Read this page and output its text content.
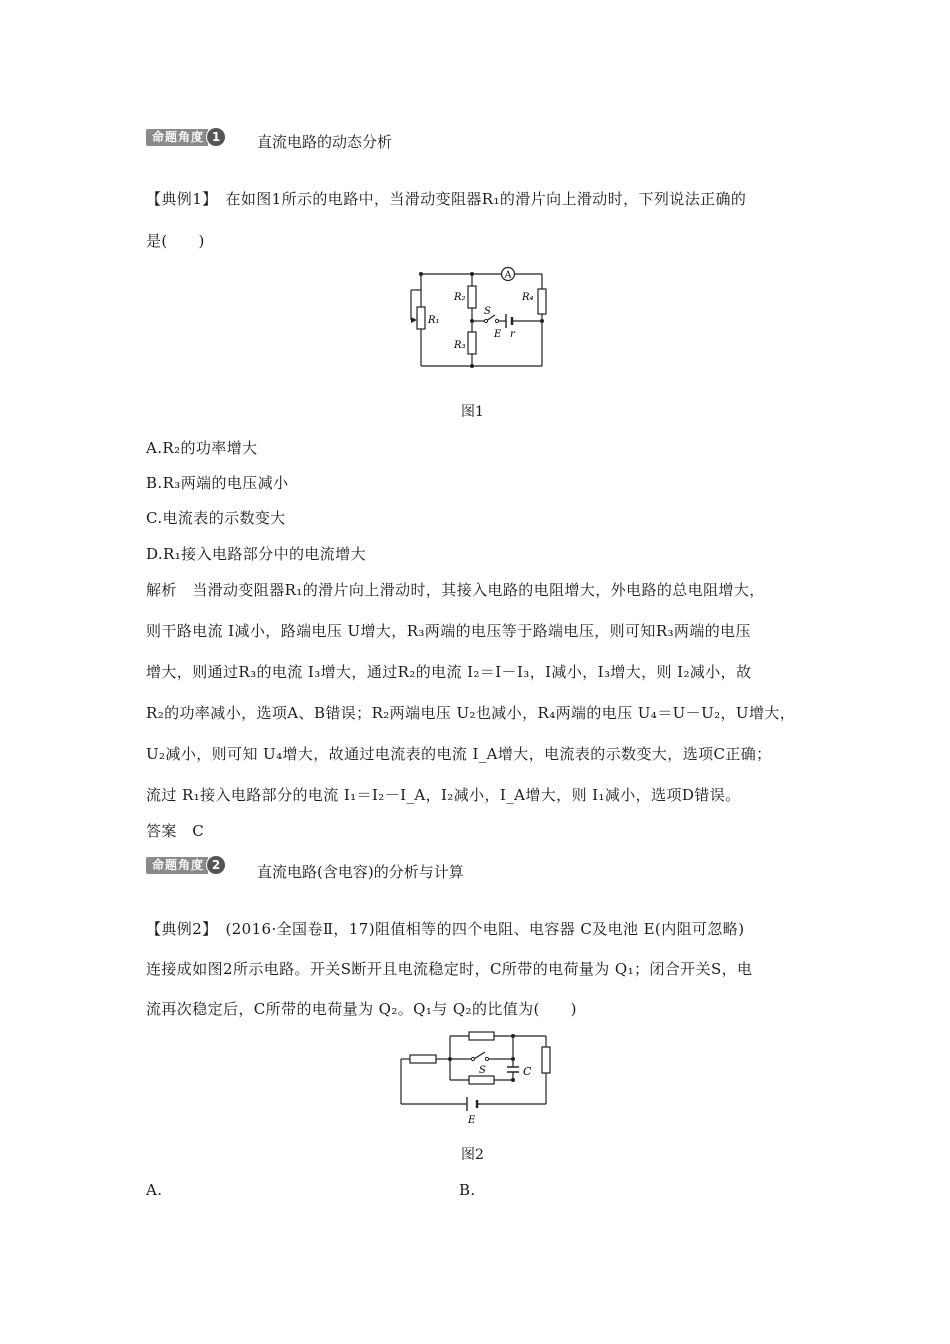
命题角度 1	直流电路的动态分析
【典例1】　在如图1所示的电路中，当滑动变阻器R₁的滑片向上滑动时，下列说法正确的
是(　　)
A
R₁
R₂
R₃
R₄
S
E r
图1
A.R₂的功率增大
B.R₃两端的电压减小
C.电流表的示数变大
D.R₁接入电路部分中的电流增大
解析　当滑动变阻器R₁的滑片向上滑动时，其接入电路的电阻增大，外电路的总电阻增大，
则干路电流 I减小，路端电压 U增大，R₃两端的电压等于路端电压，则可知R₃两端的电压
增大，则通过R₃的电流 I₃增大，通过R₂的电流 I₂＝I－I₃，I减小，I₃增大，则 I₂减小，故
R₂的功率减小，选项A、B错误；R₂两端电压 U₂也减小，R₄两端的电压 U₄＝U－U₂，U增大，
U₂减小，则可知 U₄增大，故通过电流表的电流 I_A增大，电流表的示数变大，选项C正确；
流过 R₁接入电路部分的电流 I₁＝I₂－I_A，I₂减小，I_A增大，则 I₁减小，选项D错误。
答案　C
命题角度 2	直流电路(含电容)的分析与计算
【典例2】　(2016·全国卷Ⅱ，17)阻值相等的四个电阻、电容器 C及电池 E(内阻可忽略)
连接成如图2所示电路。开关S断开且电流稳定时，C所带的电荷量为 Q₁；闭合开关S，电
流再次稳定后，C所带的电荷量为 Q₂。Q₁与 Q₂的比值为(　　)
S	C
E
图2
A.	B.
